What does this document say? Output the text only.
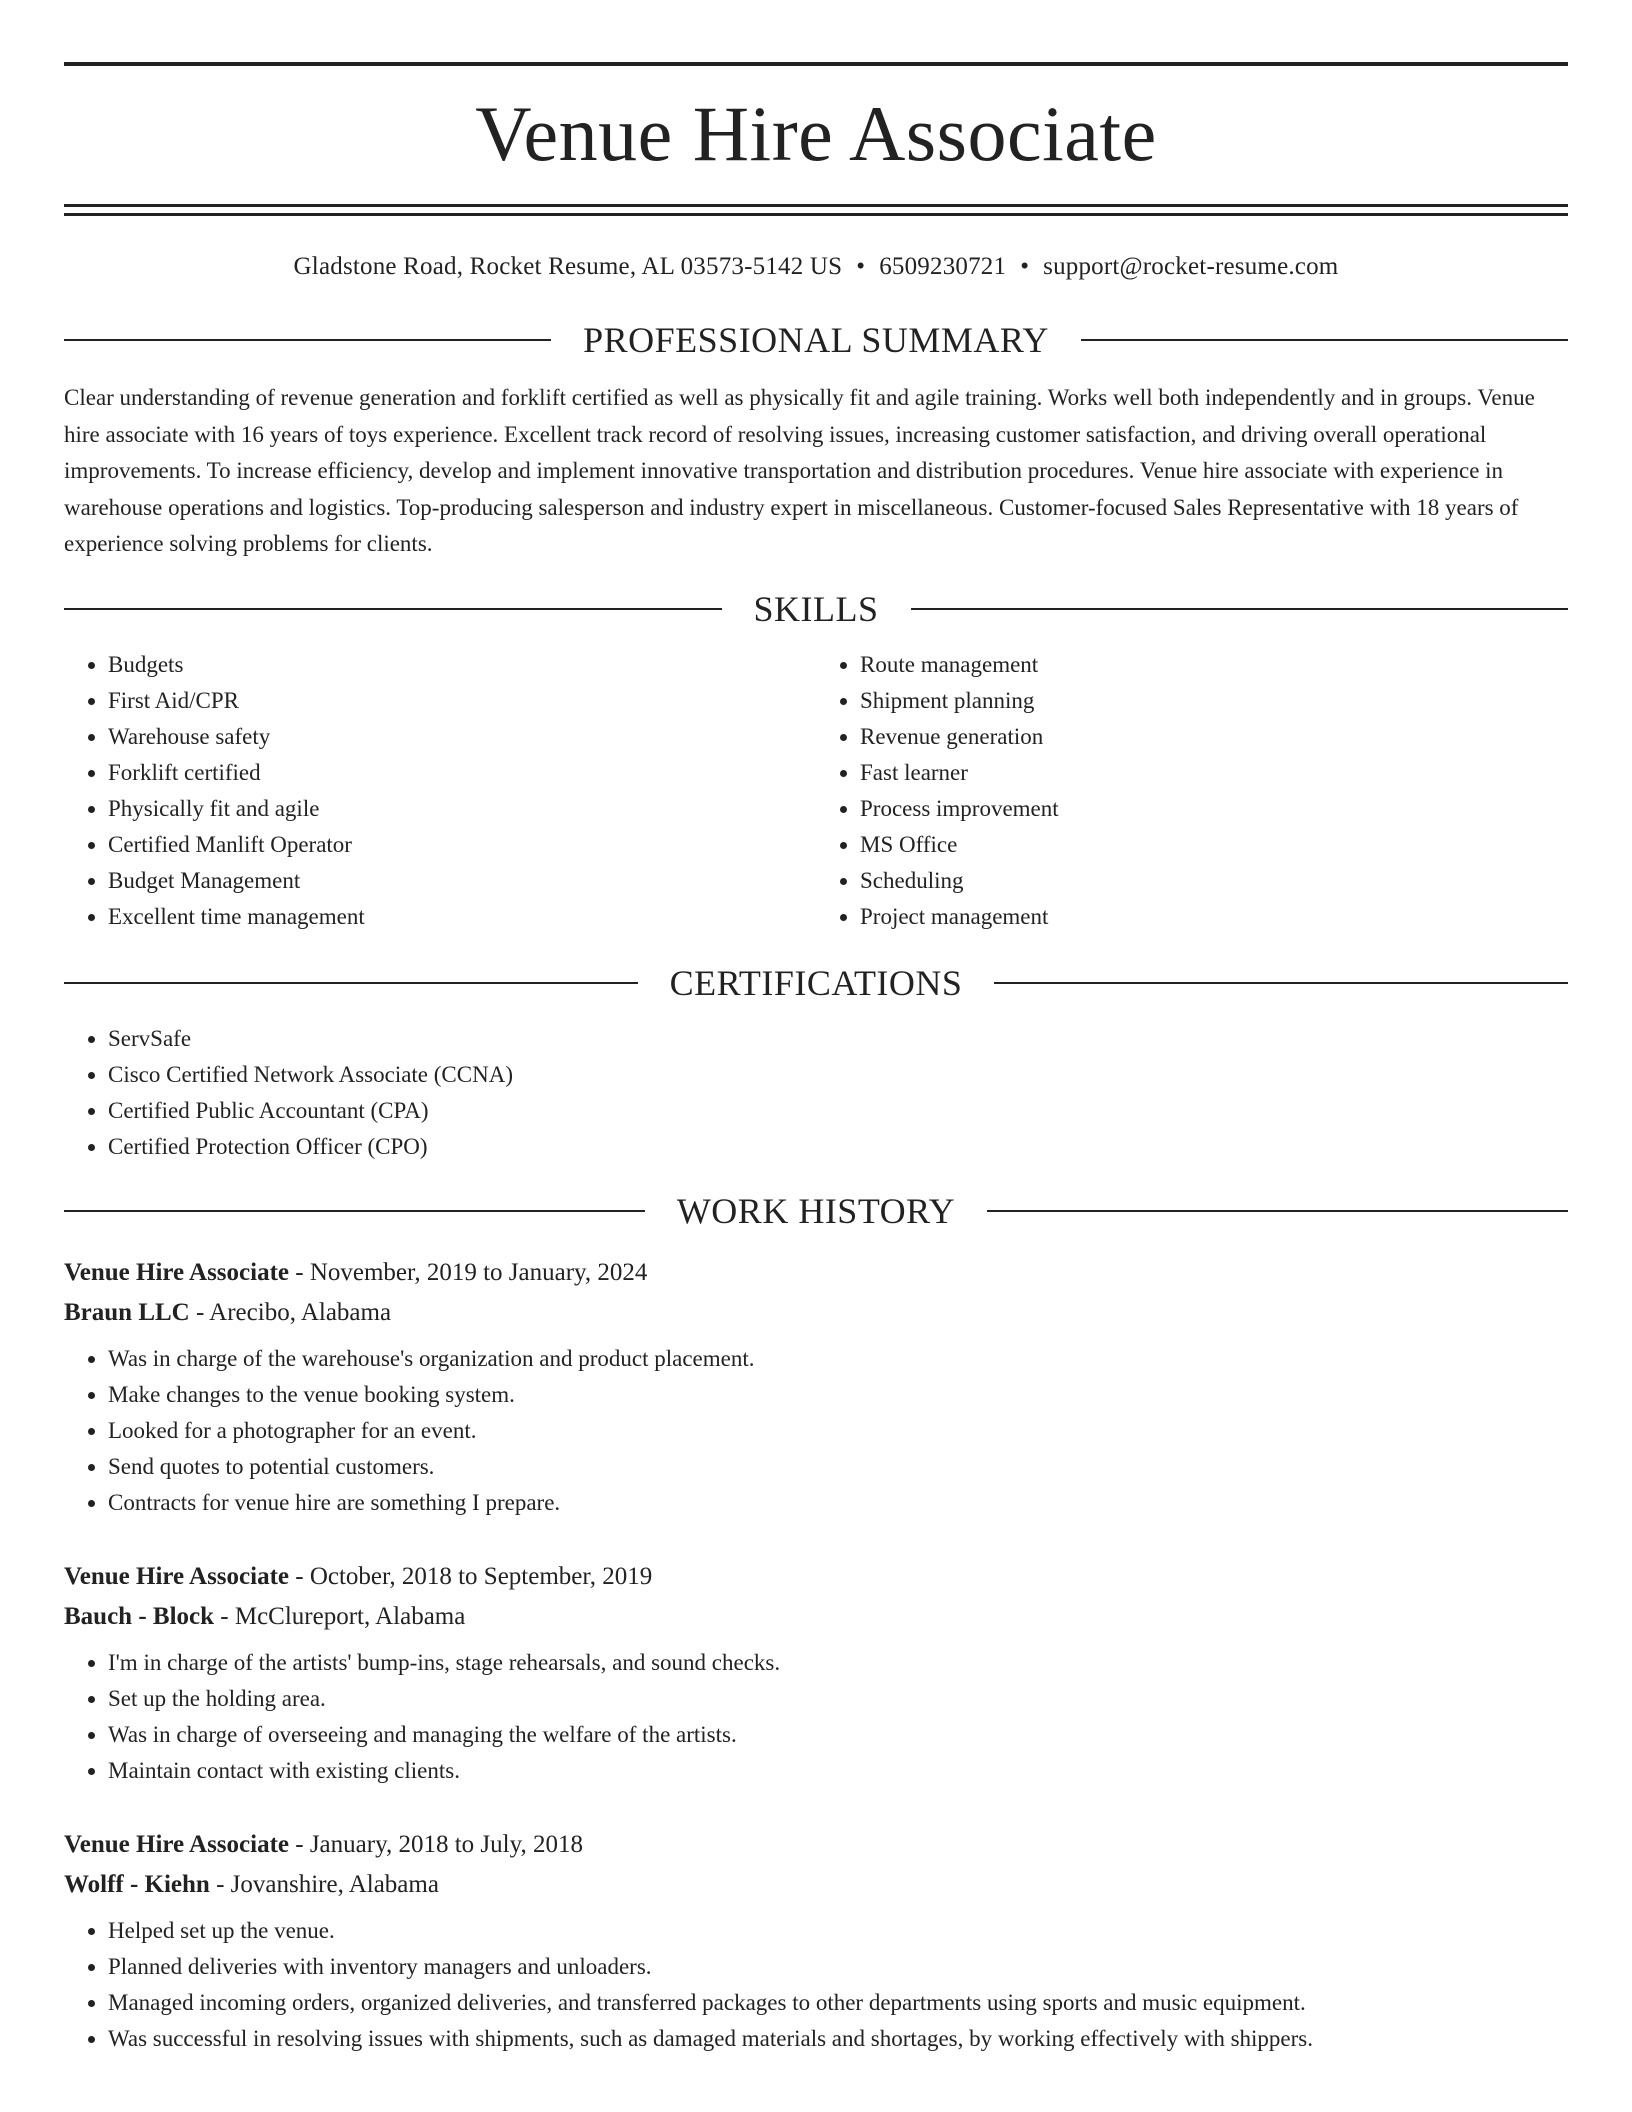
Venue Hire Associate
Gladstone Road, Rocket Resume, AL 03573-5142 US • 6509230721 • support@rocket-resume.com
PROFESSIONAL SUMMARY

Clear understanding of revenue generation and forklift certified as well as physically fit and agile training. Works well both independently and in groups. Venue hire associate with 16 years of toys experience. Excellent track record of resolving issues, increasing customer satisfaction, and driving overall operational improvements. To increase efficiency, develop and implement innovative transportation and distribution procedures. Venue hire associate with experience in warehouse operations and logistics. Top-producing salesperson and industry expert in miscellaneous. Customer-focused Sales Representative with 18 years of experience solving problems for clients.

SKILLS
• Budgets
• First Aid/CPR
• Warehouse safety
• Forklift certified
• Physically fit and agile
• Certified Manlift Operator
• Budget Management
• Excellent time management
• Route management
• Shipment planning
• Revenue generation
• Fast learner
• Process improvement
• MS Office
• Scheduling
• Project management
CERTIFICATIONS
• ServSafe
• Cisco Certified Network Associate (CCNA)
• Certified Public Accountant (CPA)
• Certified Protection Officer (CPO)
WORK HISTORY
Venue Hire Associate - November, 2019 to January, 2024
Braun LLC - Arecibo, Alabama
• Was in charge of the warehouse's organization and product placement.
• Make changes to the venue booking system.
• Looked for a photographer for an event.
• Send quotes to potential customers.
• Contracts for venue hire are something I prepare.
Venue Hire Associate - October, 2018 to September, 2019
Bauch - Block - McClureport, Alabama
• I'm in charge of the artists' bump-ins, stage rehearsals, and sound checks.
• Set up the holding area.
• Was in charge of overseeing and managing the welfare of the artists.
• Maintain contact with existing clients.
Venue Hire Associate - January, 2018 to July, 2018
Wolff - Kiehn - Jovanshire, Alabama
• Helped set up the venue.
• Planned deliveries with inventory managers and unloaders.
• Managed incoming orders, organized deliveries, and transferred packages to other departments using sports and music equipment.
• Was successful in resolving issues with shipments, such as damaged materials and shortages, by working effectively with shippers.
